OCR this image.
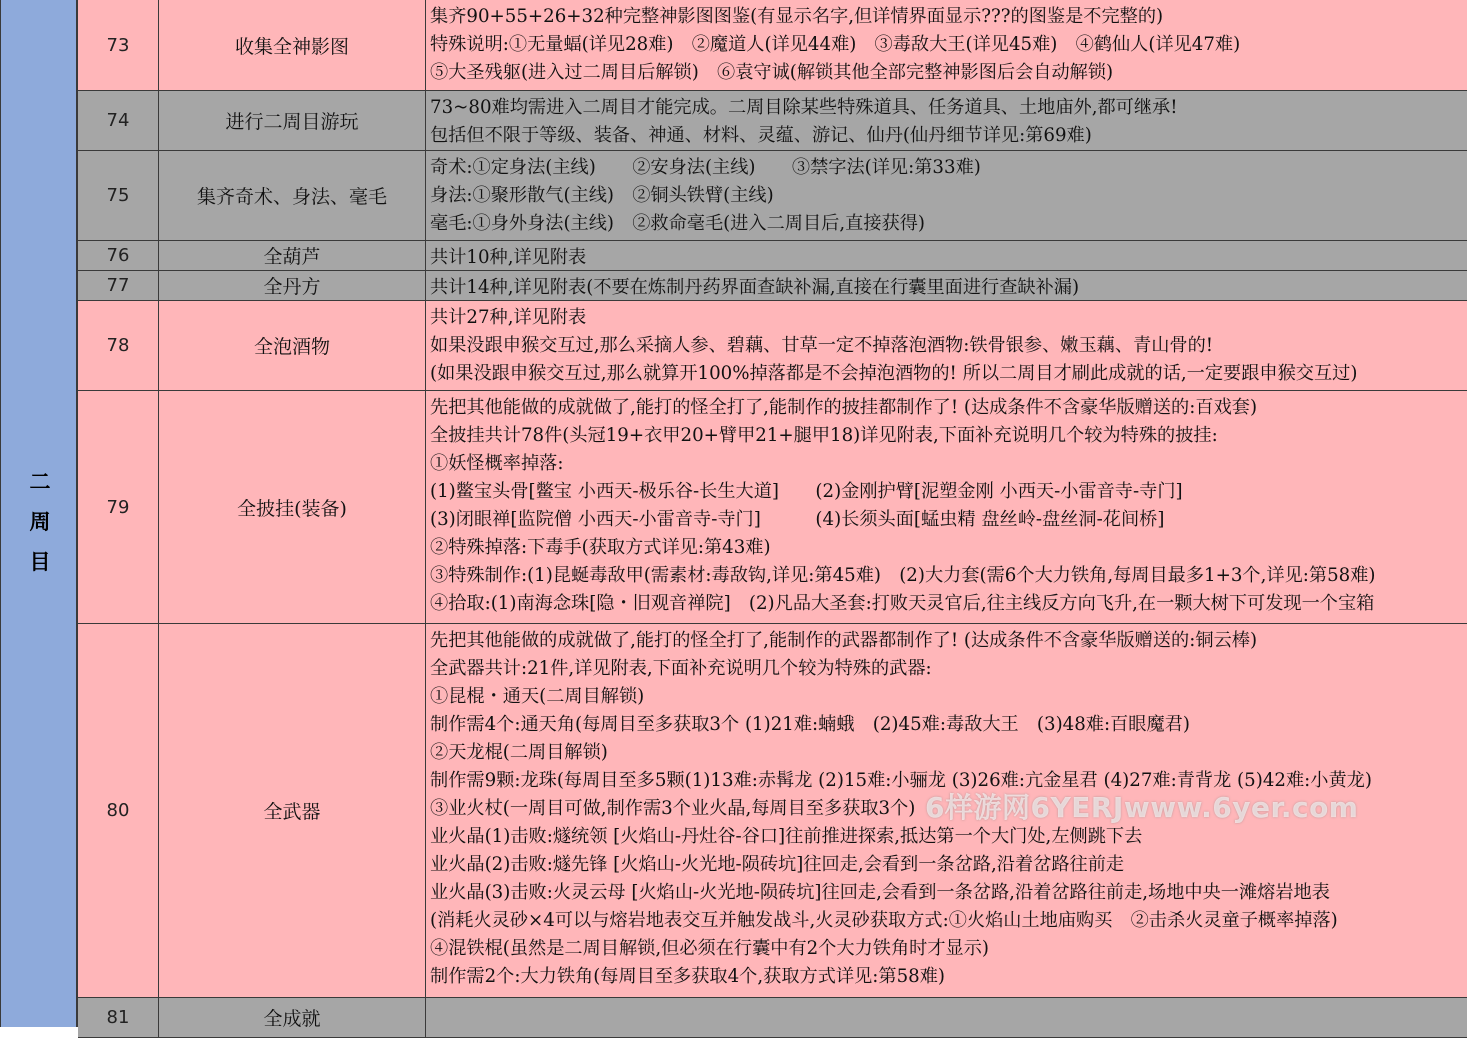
二
周
目
73	收集全神影图
集齐90+55+26+32种完整神影图图鉴(有显示名字,但详情界面显示???的图鉴是不完整的)
特殊说明:①无量蝠(详见28难)　②魔道人(详见44难)　③毒敌大王(详见45难)　④鹤仙人(详见47难)
⑤大圣残躯(进入过二周目后解锁)　⑥袁守诚(解锁其他全部完整神影图后会自动解锁)
74	进行二周目游玩
73~80难均需进入二周目才能完成。二周目除某些特殊道具、任务道具、土地庙外,都可继承!
包括但不限于等级、装备、神通、材料、灵蕴、游记、仙丹(仙丹细节详见:第69难)
75	集齐奇术、身法、毫毛
奇术:①定身法(主线)　　②安身法(主线)　　③禁字法(详见:第33难)
身法:①聚形散气(主线)　②铜头铁臂(主线)
毫毛:①身外身法(主线)　②救命毫毛(进入二周目后,直接获得)
76	全葫芦	共计10种,详见附表
77	全丹方	共计14种,详见附表(不要在炼制丹药界面查缺补漏,直接在行囊里面进行查缺补漏)
78	全泡酒物
共计27种,详见附表
如果没跟申猴交互过,那么采摘人参、碧藕、甘草一定不掉落泡酒物:铁骨银参、嫩玉藕、青山骨的!
(如果没跟申猴交互过,那么就算开100%掉落都是不会掉泡酒物的! 所以二周目才刷此成就的话,一定要跟申猴交互过)
79	全披挂(装备)
先把其他能做的成就做了,能打的怪全打了,能制作的披挂都制作了! (达成条件不含豪华版赠送的:百戏套)
全披挂共计78件(头冠19+衣甲20+臂甲21+腿甲18)详见附表,下面补充说明几个较为特殊的披挂:
①妖怪概率掉落:
(1)鳖宝头骨[鳖宝 小西天-极乐谷-长生大道]　　(2)金刚护臂[泥塑金刚 小西天-小雷音寺-寺门]
(3)闭眼禅[监院僧 小西天-小雷音寺-寺门]　　　(4)长须头面[蜢虫精 盘丝岭-盘丝洞-花间桥]
②特殊掉落:下毒手(获取方式详见:第43难)
③特殊制作:(1)昆蜒毒敌甲(需素材:毒敌钩,详见:第45难)　(2)大力套(需6个大力铁角,每周目最多1+3个,详见:第58难)
④拾取:(1)南海念珠[隐・旧观音禅院]　(2)凡品大圣套:打败天灵官后,往主线反方向飞升,在一颗大树下可发现一个宝箱
80	全武器
先把其他能做的成就做了,能打的怪全打了,能制作的武器都制作了! (达成条件不含豪华版赠送的:铜云棒)
全武器共计:21件,详见附表,下面补充说明几个较为特殊的武器:
①昆棍・通天(二周目解锁)
制作需4个:通天角(每周目至多获取3个 (1)21难:蝻蛾　(2)45难:毒敌大王　(3)48难:百眼魔君)
②天龙棍(二周目解锁)
制作需9颗:龙珠(每周目至多5颗(1)13难:赤髯龙 (2)15难:小骊龙 (3)26难:亢金星君 (4)27难:青背龙 (5)42难:小黄龙)
③业火杖(一周目可做,制作需3个业火晶,每周目至多获取3个)
业火晶(1)击败:燧统领 [火焰山-丹灶谷-谷口]往前推进探索,抵达第一个大门处,左侧跳下去
业火晶(2)击败:燧先锋 [火焰山-火光地-陨砖坑]往回走,会看到一条岔路,沿着岔路往前走
业火晶(3)击败:火灵云母 [火焰山-火光地-陨砖坑]往回走,会看到一条岔路,沿着岔路往前走,场地中央一滩熔岩地表
(消耗火灵砂×4可以与熔岩地表交互并触发战斗,火灵砂获取方式:①火焰山土地庙购买　②击杀火灵童子概率掉落)
④混铁棍(虽然是二周目解锁,但必须在行囊中有2个大力铁角时才显示)
制作需2个:大力铁角(每周目至多获取4个,获取方式详见:第58难)
81	全成就
6样游网6YERJwww.6yer.com
